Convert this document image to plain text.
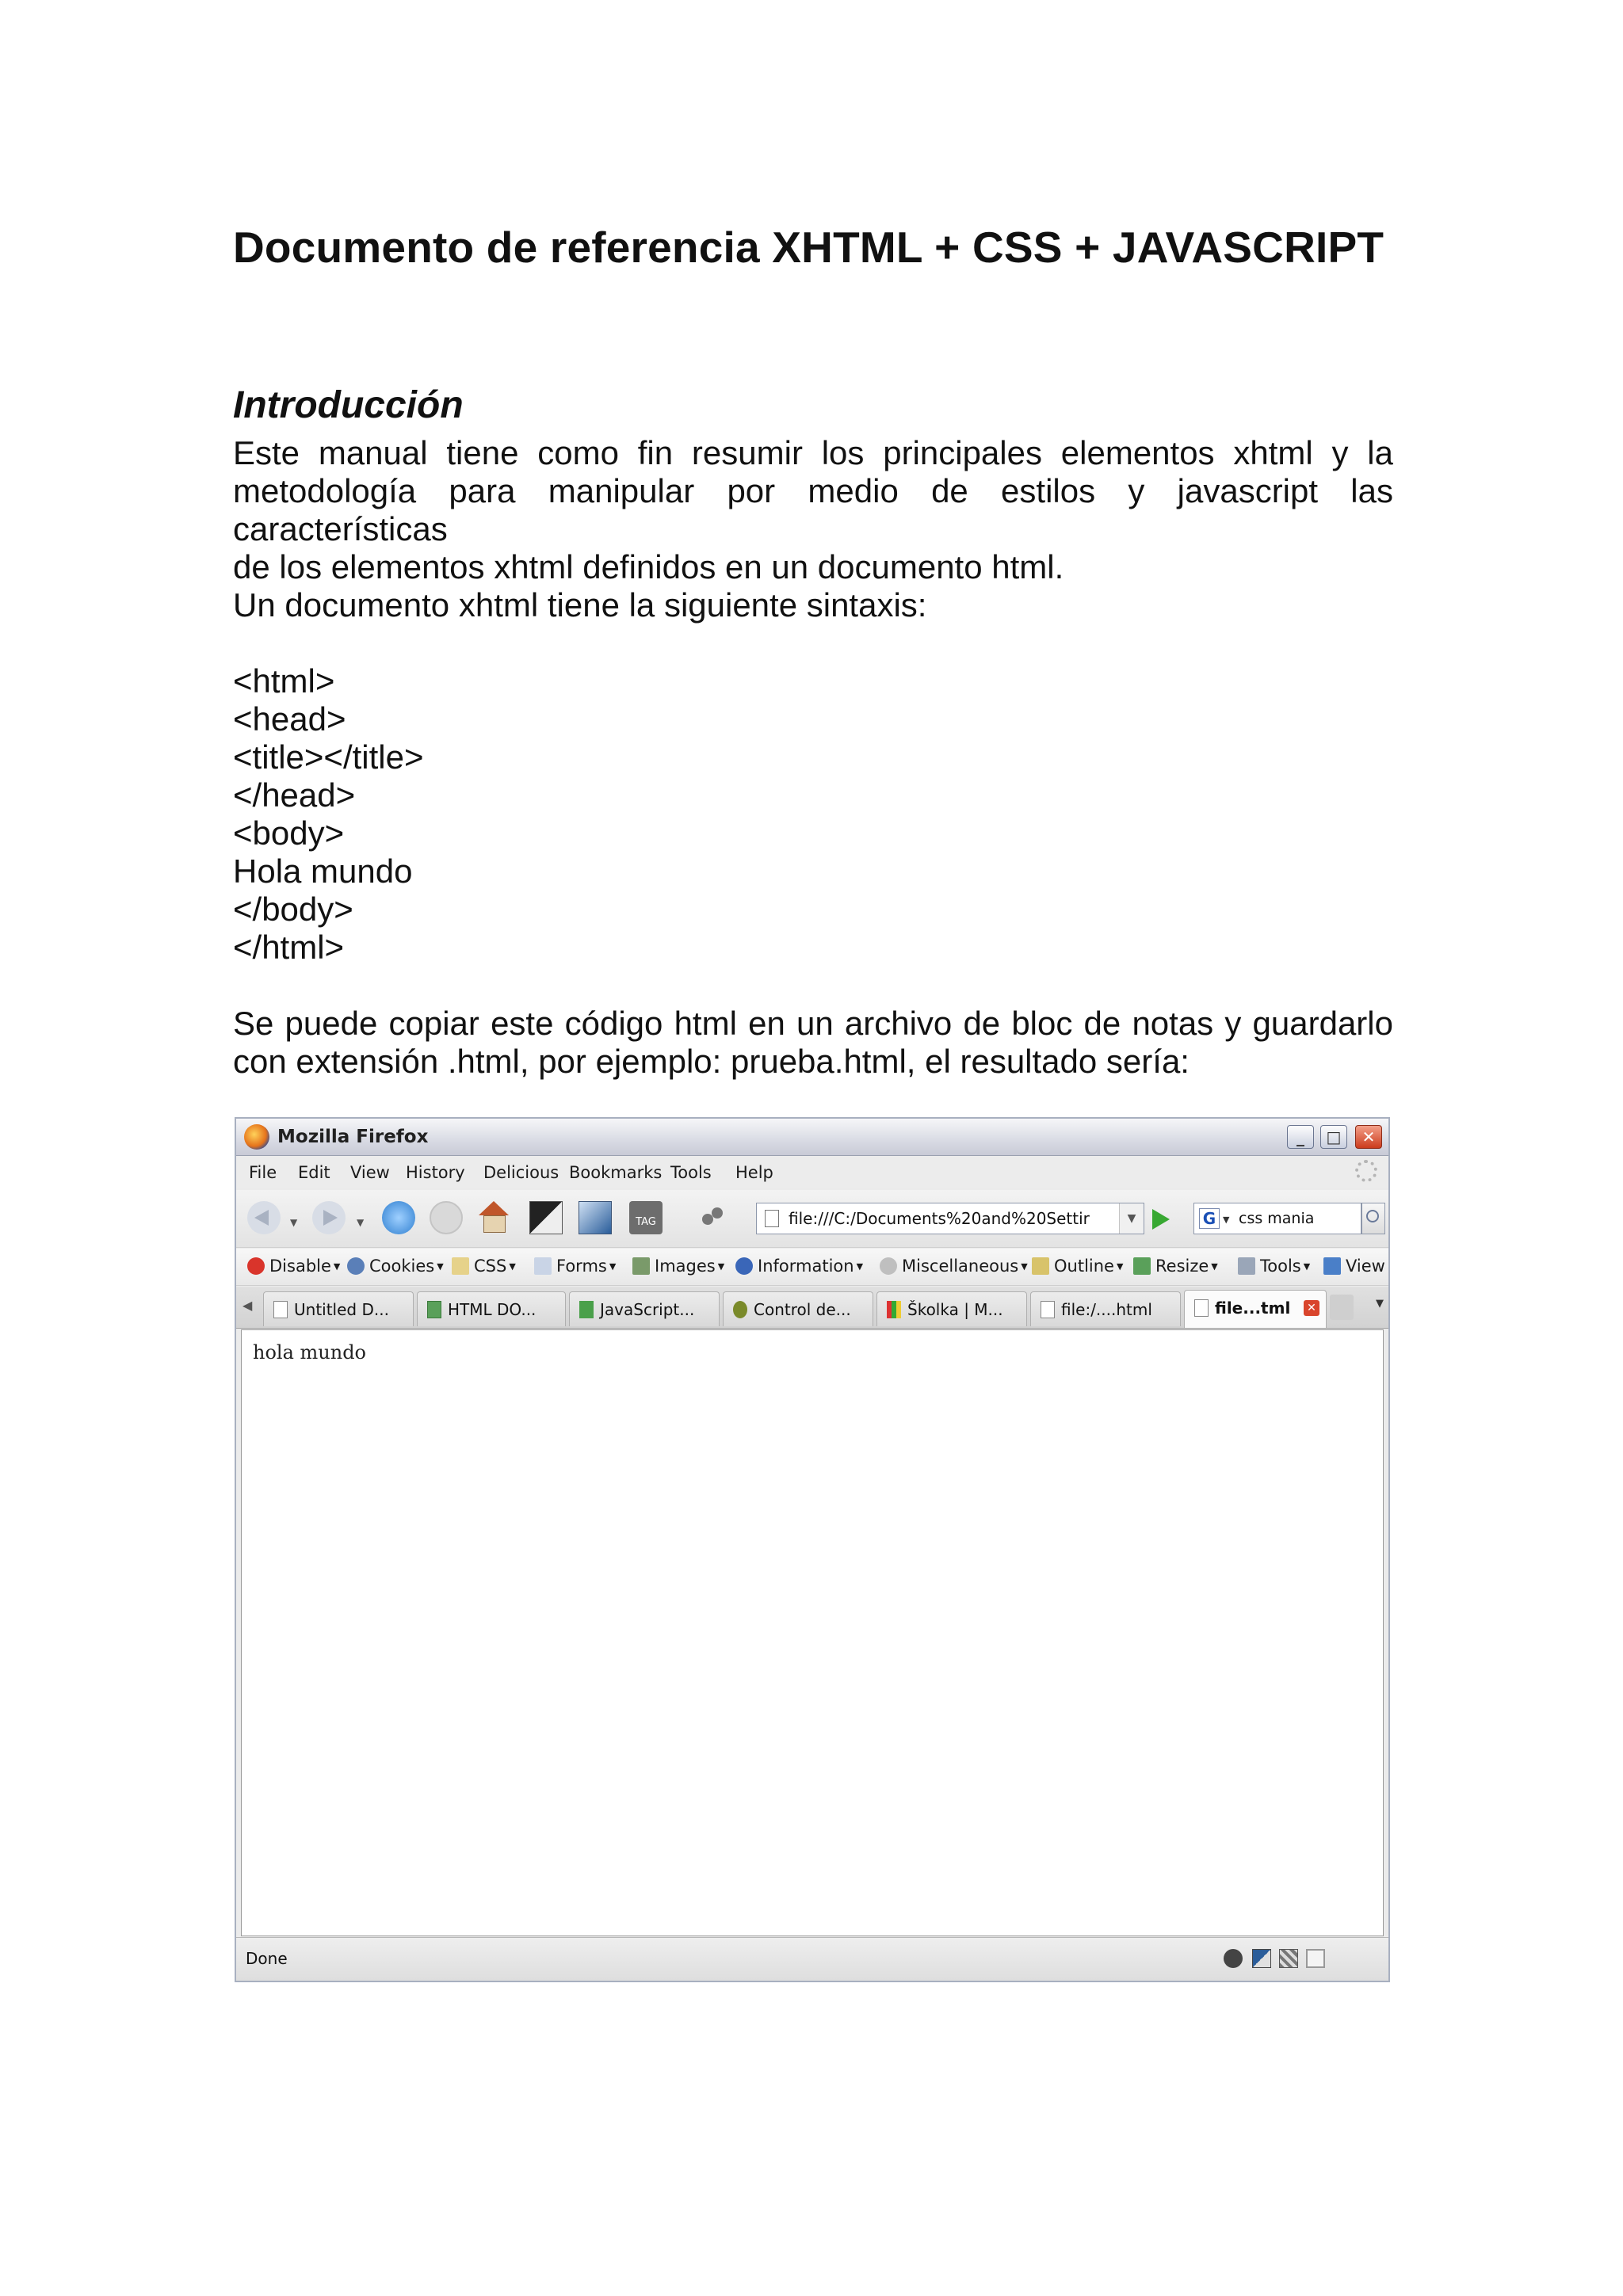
Documento de referencia XHTML + CSS + JAVASCRIPT
Introducción
Este manual tiene como fin resumir los principales elementos xhtml y la
metodología para manipular por medio de estilos y javascript las características
de los elementos xhtml definidos en un documento html.
Un documento xhtml tiene la siguiente sintaxis:
<html>
<head>
<title></title>
</head>
<body>
Hola mundo
</body>
</html>
Se puede copiar este código html en un archivo de bloc de notas y guardarlo
con extensión .html, por ejemplo: prueba.html, el resultado sería:
Mozilla Firefox	_	□	✕
File Edit View History Delicious Bookmarks Tools Help
▼	▼	TAG	file:///C:/Documents%20and%20Settir	▼	G ▼ css mania
Disable ▼	Cookies ▼	CSS ▼	Forms ▼	Images ▼	Information ▼	Miscellaneous ▼	Outline ▼	Resize ▼	Tools ▼	View
◀	Untitled D...	HTML DO...	JavaScript...	Control de...	Školka | M...	file:/....html	file...tml ✕	▼
hola mundo
Done
